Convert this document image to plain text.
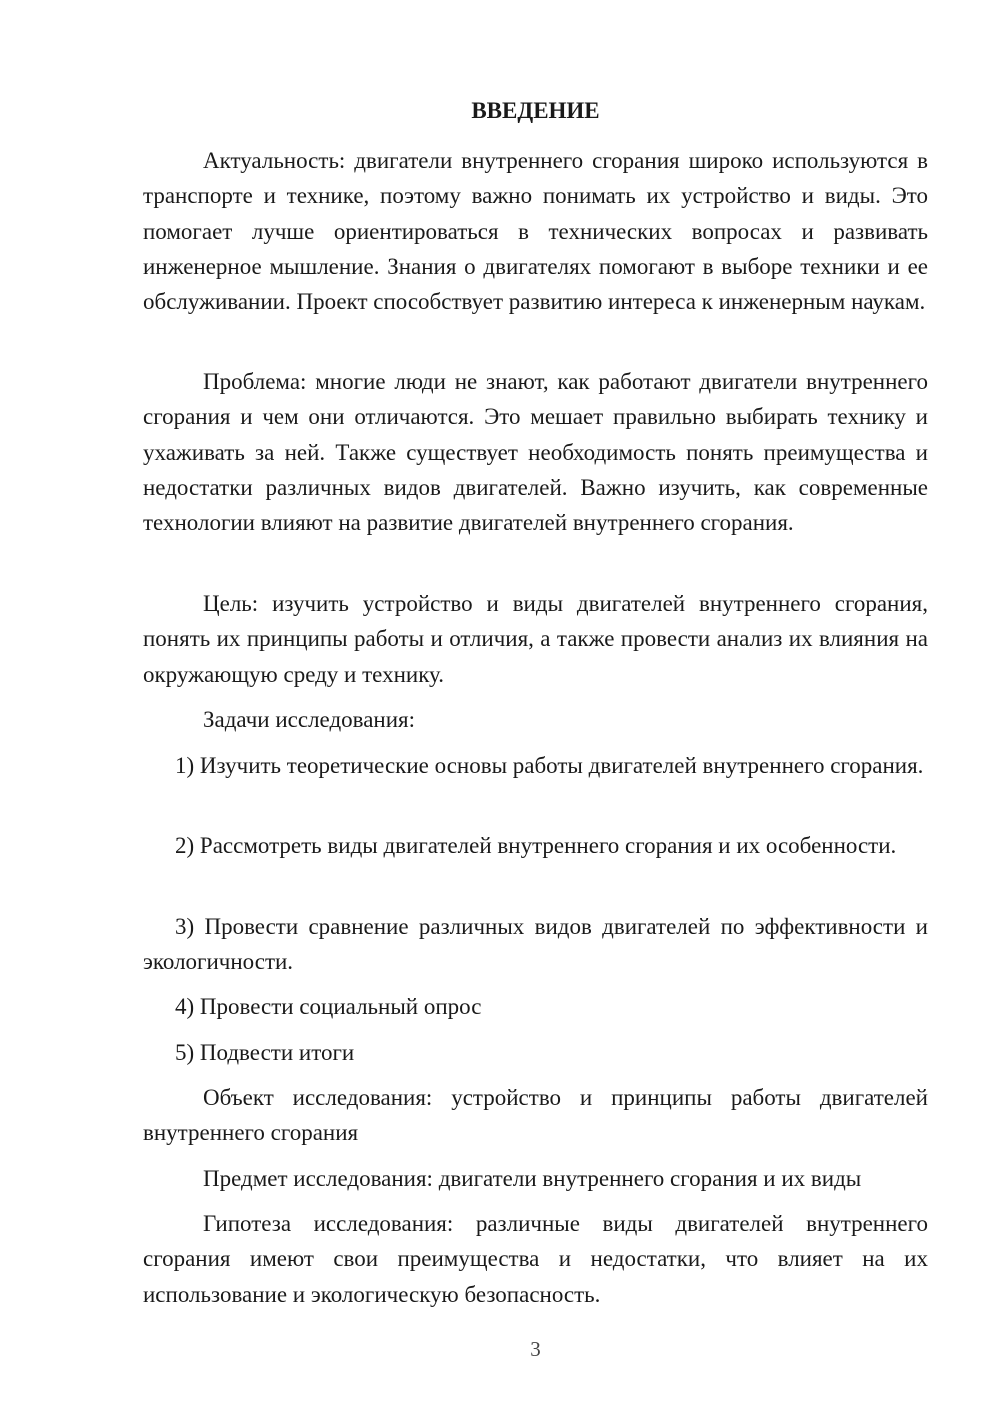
ВВЕДЕНИЕ

Актуальность: двигатели внутреннего сгорания широко используются в транспорте и технике, поэтому важно понимать их устройство и виды. Это помогает лучше ориентироваться в технических вопросах и развивать инженерное мышление. Знания о двигателях помогают в выборе техники и ее обслуживании. Проект способствует развитию интереса к инженерным наукам.

Проблема: многие люди не знают, как работают двигатели внутреннего сгорания и чем они отличаются. Это мешает правильно выбирать технику и ухаживать за ней. Также существует необходимость понять преимущества и недостатки различных видов двигателей. Важно изучить, как современные технологии влияют на развитие двигателей внутреннего сгорания.

Цель: изучить устройство и виды двигателей внутреннего сгорания, понять их принципы работы и отличия, а также провести анализ их влияния на окружающую среду и технику.

Задачи исследования:

1) Изучить теоретические основы работы двигателей внутреннего сгорания.

2) Рассмотреть виды двигателей внутреннего сгорания и их особенности.

3) Провести сравнение различных видов двигателей по эффективности и экологичности.

4) Провести социальный опрос

5) Подвести итоги

Объект исследования: устройство и принципы работы двигателей внутреннего сгорания

Предмет исследования: двигатели внутреннего сгорания и их виды

Гипотеза исследования: различные виды двигателей внутреннего сгорания имеют свои преимущества и недостатки, что влияет на их использование и экологическую безопасность.

3
